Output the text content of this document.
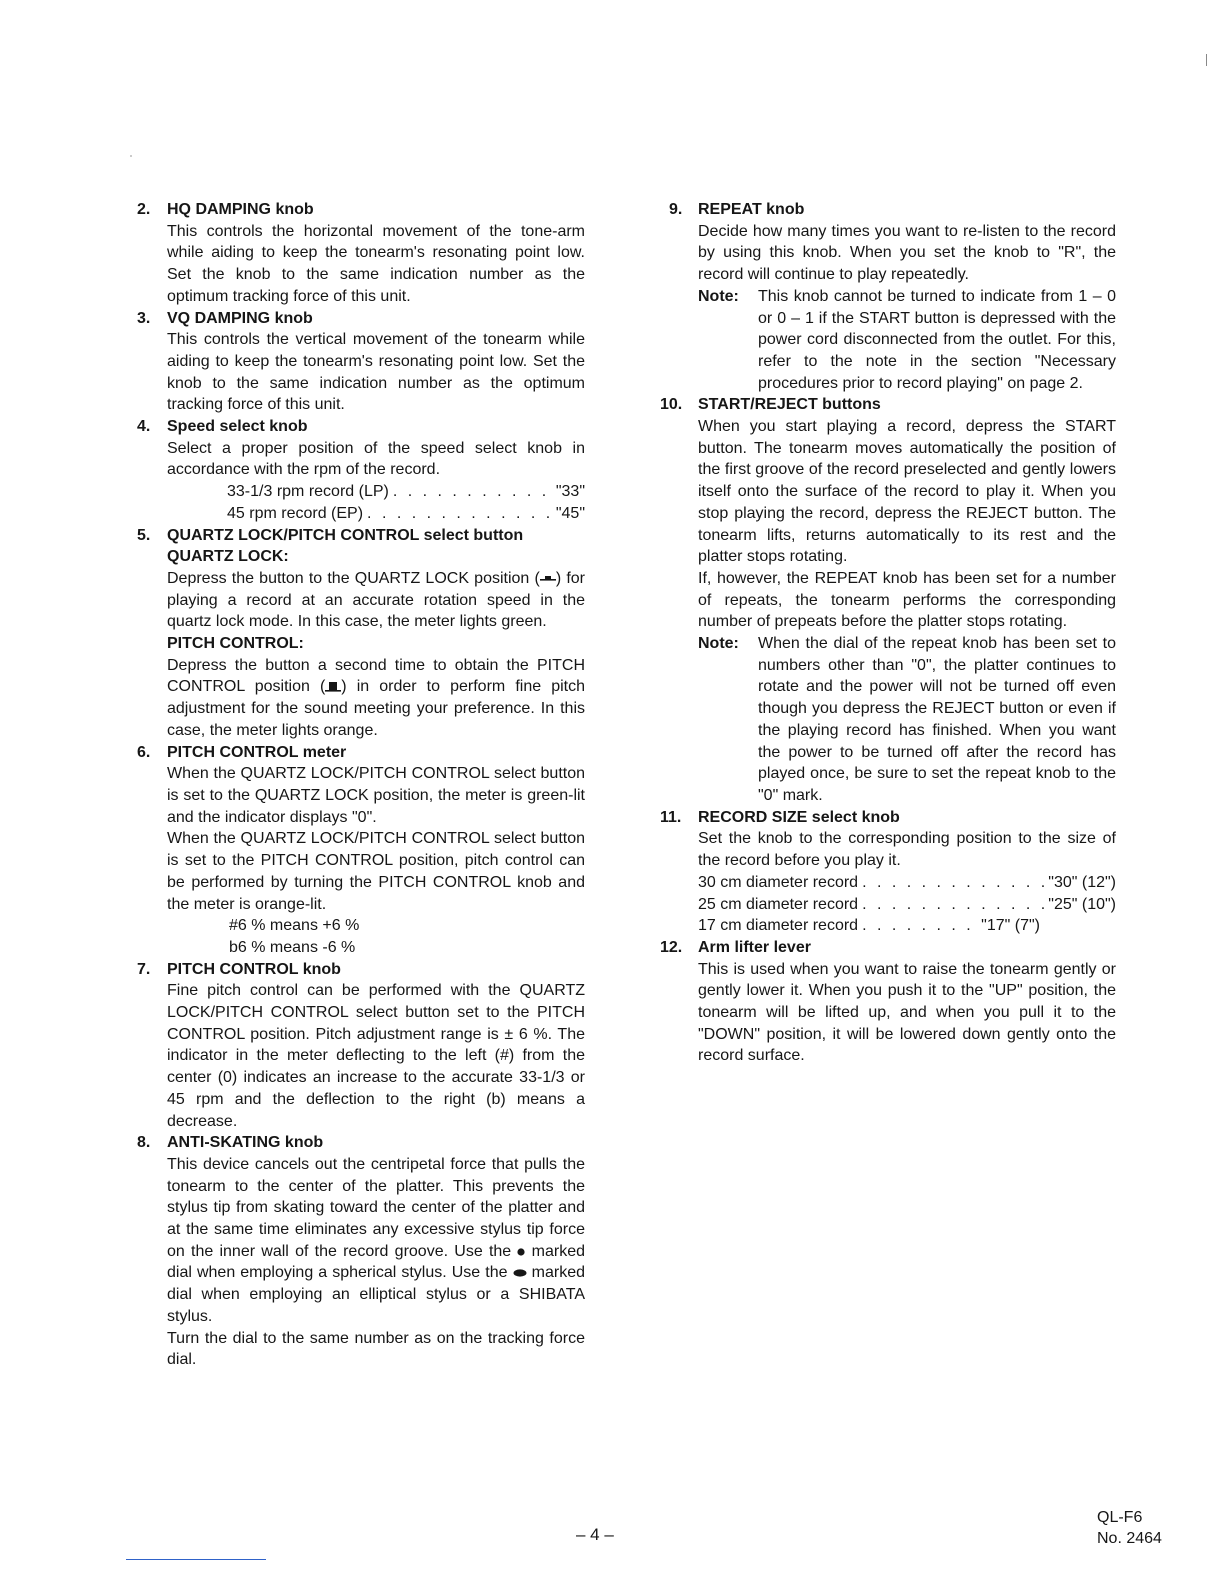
2.	HQ DAMPING knob
This controls the horizontal movement of the tone-arm while aiding to keep the tonearm's resonating point low. Set the knob to the same indication number as the optimum tracking force of this unit.
3.	VQ DAMPING knob
This controls the vertical movement of the tonearm while aiding to keep the tonearm's resonating point low. Set the knob to the same indication number as the optimum tracking force of this unit.
4.	Speed select knob
Select a proper position of the speed select knob in accordance with the rpm of the record.
33-1/3 rpm record (LP) . . .	"33"
45 rpm record (EP) . . .	"45"
5.	QUARTZ LOCK/PITCH CONTROL select button
QUARTZ LOCK:
Depress the button to the QUARTZ LOCK position ( ) for playing a record at an accurate rotation speed in the quartz lock mode. In this case, the meter lights green.
PITCH CONTROL:
Depress the button a second time to obtain the PITCH CONTROL position ( ) in order to perform fine pitch adjustment for the sound meeting your preference. In this case, the meter lights orange.
6.	PITCH CONTROL meter
When the QUARTZ LOCK/PITCH CONTROL select button is set to the QUARTZ LOCK position, the meter is green-lit and the indicator displays "0".
When the QUARTZ LOCK/PITCH CONTROL select button is set to the PITCH CONTROL position, pitch control can be performed by turning the PITCH CONTROL knob and the meter is orange-lit.
#6 % means +6 %
b6 % means -6 %
7.	PITCH CONTROL knob
Fine pitch control can be performed with the QUARTZ LOCK/PITCH CONTROL select button set to the PITCH CONTROL position. Pitch adjustment range is ± 6 %. The indicator in the meter deflecting to the left (#) from the center (0) indicates an increase to the accurate 33-1/3 or 45 rpm and the deflection to the right (b) means a decrease.
8.	ANTI-SKATING knob
This device cancels out the centripetal force that pulls the tonearm to the center of the platter. This prevents the stylus tip from skating toward the center of the platter and at the same time eliminates any excessive stylus tip force on the inner wall of the record groove. Use the marked dial when employing a spherical stylus. Use the marked dial when employing an elliptical stylus or a SHIBATA stylus.
Turn the dial to the same number as on the tracking force dial.
9. REPEAT knob
Decide how many times you want to re-listen to the record by using this knob. When you set the knob to "R", the record will continue to play repeatedly.
Note: This knob cannot be turned to indicate from 1 – 0 or 0 – 1 if the START button is depressed with the power cord disconnected from the outlet. For this, refer to the note in the section "Necessary procedures prior to record playing" on page 2.
10. START/REJECT buttons
When you start playing a record, depress the START button. The tonearm moves automatically the position of the first groove of the record preselected and gently lowers itself onto the surface of the record to play it. When you stop playing the record, depress the REJECT button. The tonearm lifts, returns automatically to its rest and the platter stops rotating.
If, however, the REPEAT knob has been set for a number of repeats, the tonearm performs the corresponding number of prepeats before the platter stops rotating.
Note: When the dial of the repeat knob has been set to numbers other than "0", the platter continues to rotate and the power will not be turned off even though you depress the REJECT button or even if the playing record has finished. When you want the power to be turned off after the record has played once, be sure to set the repeat knob to the "0" mark.
11.	RECORD SIZE select knob
Set the knob to the corresponding position to the size of the record before you play it.
30 cm diameter record . . .	"30" (12")
25 cm diameter record . . .	"25" (10")
17 cm diameter record . . .	"17" (7")
12. Arm lifter lever
This is used when you want to raise the tonearm gently or gently lower it. When you push it to the "UP" position, the tonearm will be lifted up, and when you pull it to the "DOWN" position, it will be lowered down gently onto the record surface.
– 4 –
QL-F6
No. 2464
